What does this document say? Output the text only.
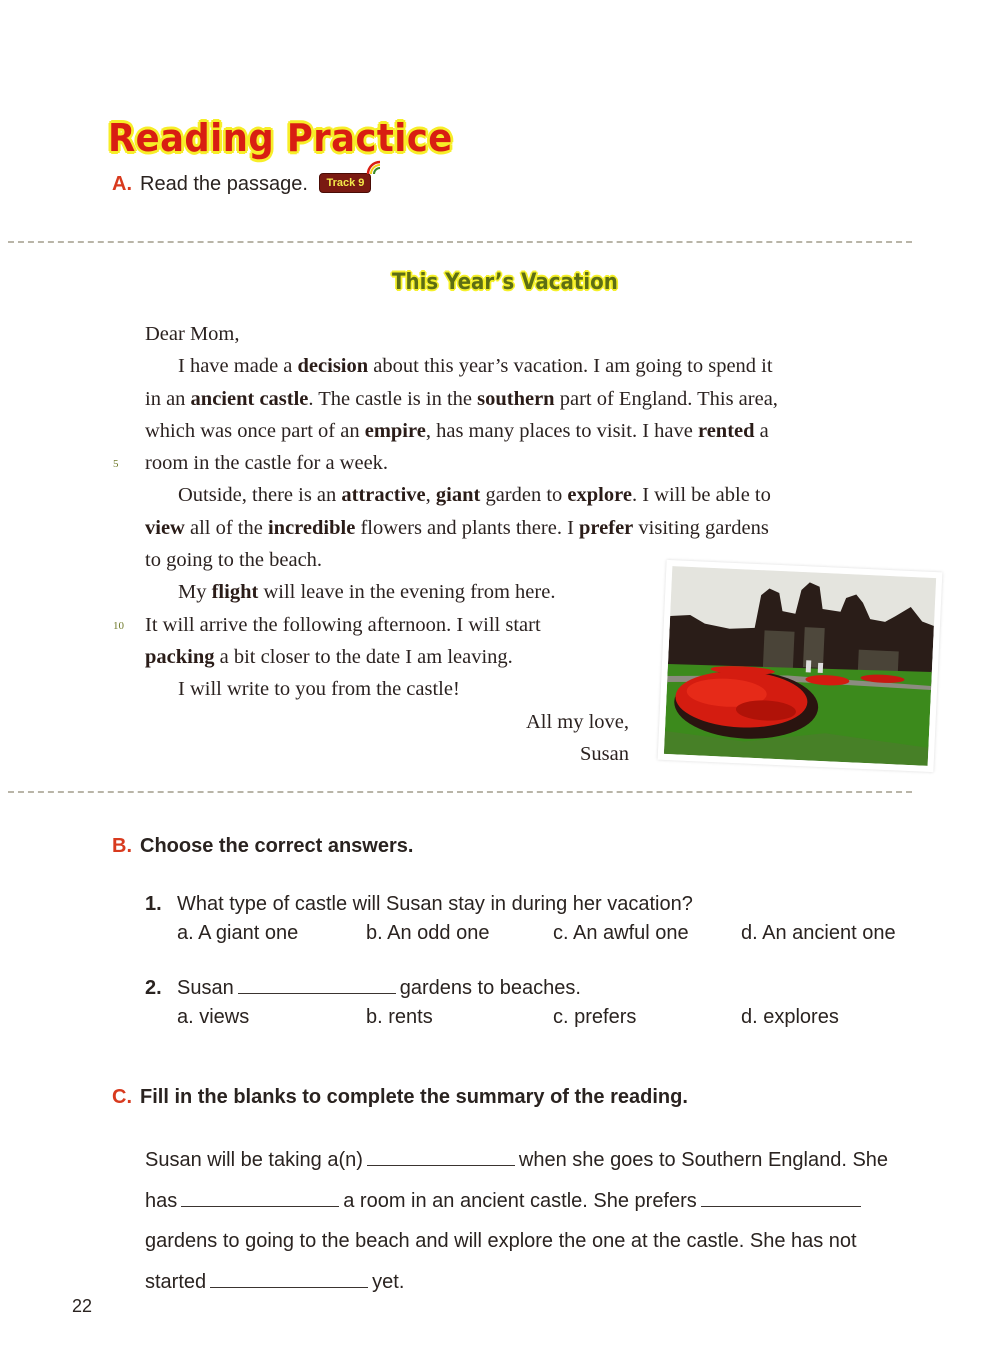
Reading Practice
A. Read the passage. Track 9
This Year’s Vacation
Dear Mom,
I have made a decision about this year’s vacation. I am going to spend it
in an ancient castle. The castle is in the southern part of England. This area,
which was once part of an empire, has many places to visit. I have rented a
5 room in the castle for a week.
Outside, there is an attractive, giant garden to explore. I will be able to
view all of the incredible flowers and plants there. I prefer visiting gardens
to going to the beach.
My flight will leave in the evening from here.
10 It will arrive the following afternoon. I will start
packing a bit closer to the date I am leaving.
I will write to you from the castle!
All my love,
Susan
B. Choose the correct answers.
1. What type of castle will Susan stay in during her vacation?
a. A giant one	b. An odd one	c. An awful one	d. An ancient one
2. Susan	gardens to beaches.
a. views	b. rents	c. prefers	d. explores
C. Fill in the blanks to complete the summary of the reading.
Susan will be taking a(n)	when she goes to Southern England. She
has	a room in an ancient castle. She prefers
gardens to going to the beach and will explore the one at the castle. She has not
started	yet.
22
